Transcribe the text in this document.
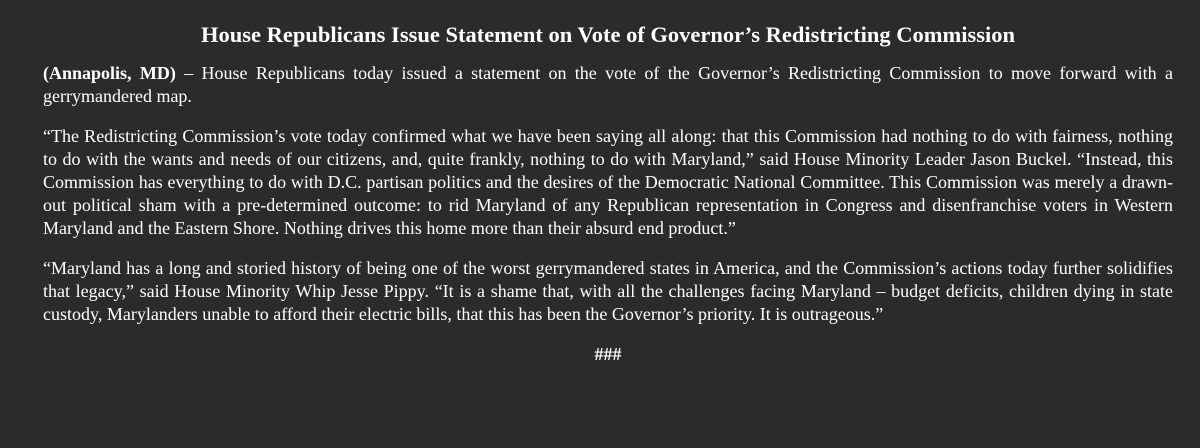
House Republicans Issue Statement on Vote of Governor’s Redistricting Commission

(Annapolis, MD) – House Republicans today issued a statement on the vote of the Governor’s Redistricting Commission to move forward with a gerrymandered map.

“The Redistricting Commission’s vote today confirmed what we have been saying all along: that this Commission had nothing to do with fairness, nothing to do with the wants and needs of our citizens, and, quite frankly, nothing to do with Maryland,” said House Minority Leader Jason Buckel. “Instead, this Commission has everything to do with D.C. partisan politics and the desires of the Democratic National Committee. This Commission was merely a drawn-out political sham with a pre-determined outcome: to rid Maryland of any Republican representation in Congress and disenfranchise voters in Western Maryland and the Eastern Shore. Nothing drives this home more than their absurd end product.”

“Maryland has a long and storied history of being one of the worst gerrymandered states in America, and the Commission’s actions today further solidifies that legacy,” said House Minority Whip Jesse Pippy. “It is a shame that, with all the challenges facing Maryland – budget deficits, children dying in state custody, Marylanders unable to afford their electric bills, that this has been the Governor’s priority. It is outrageous.”

###
